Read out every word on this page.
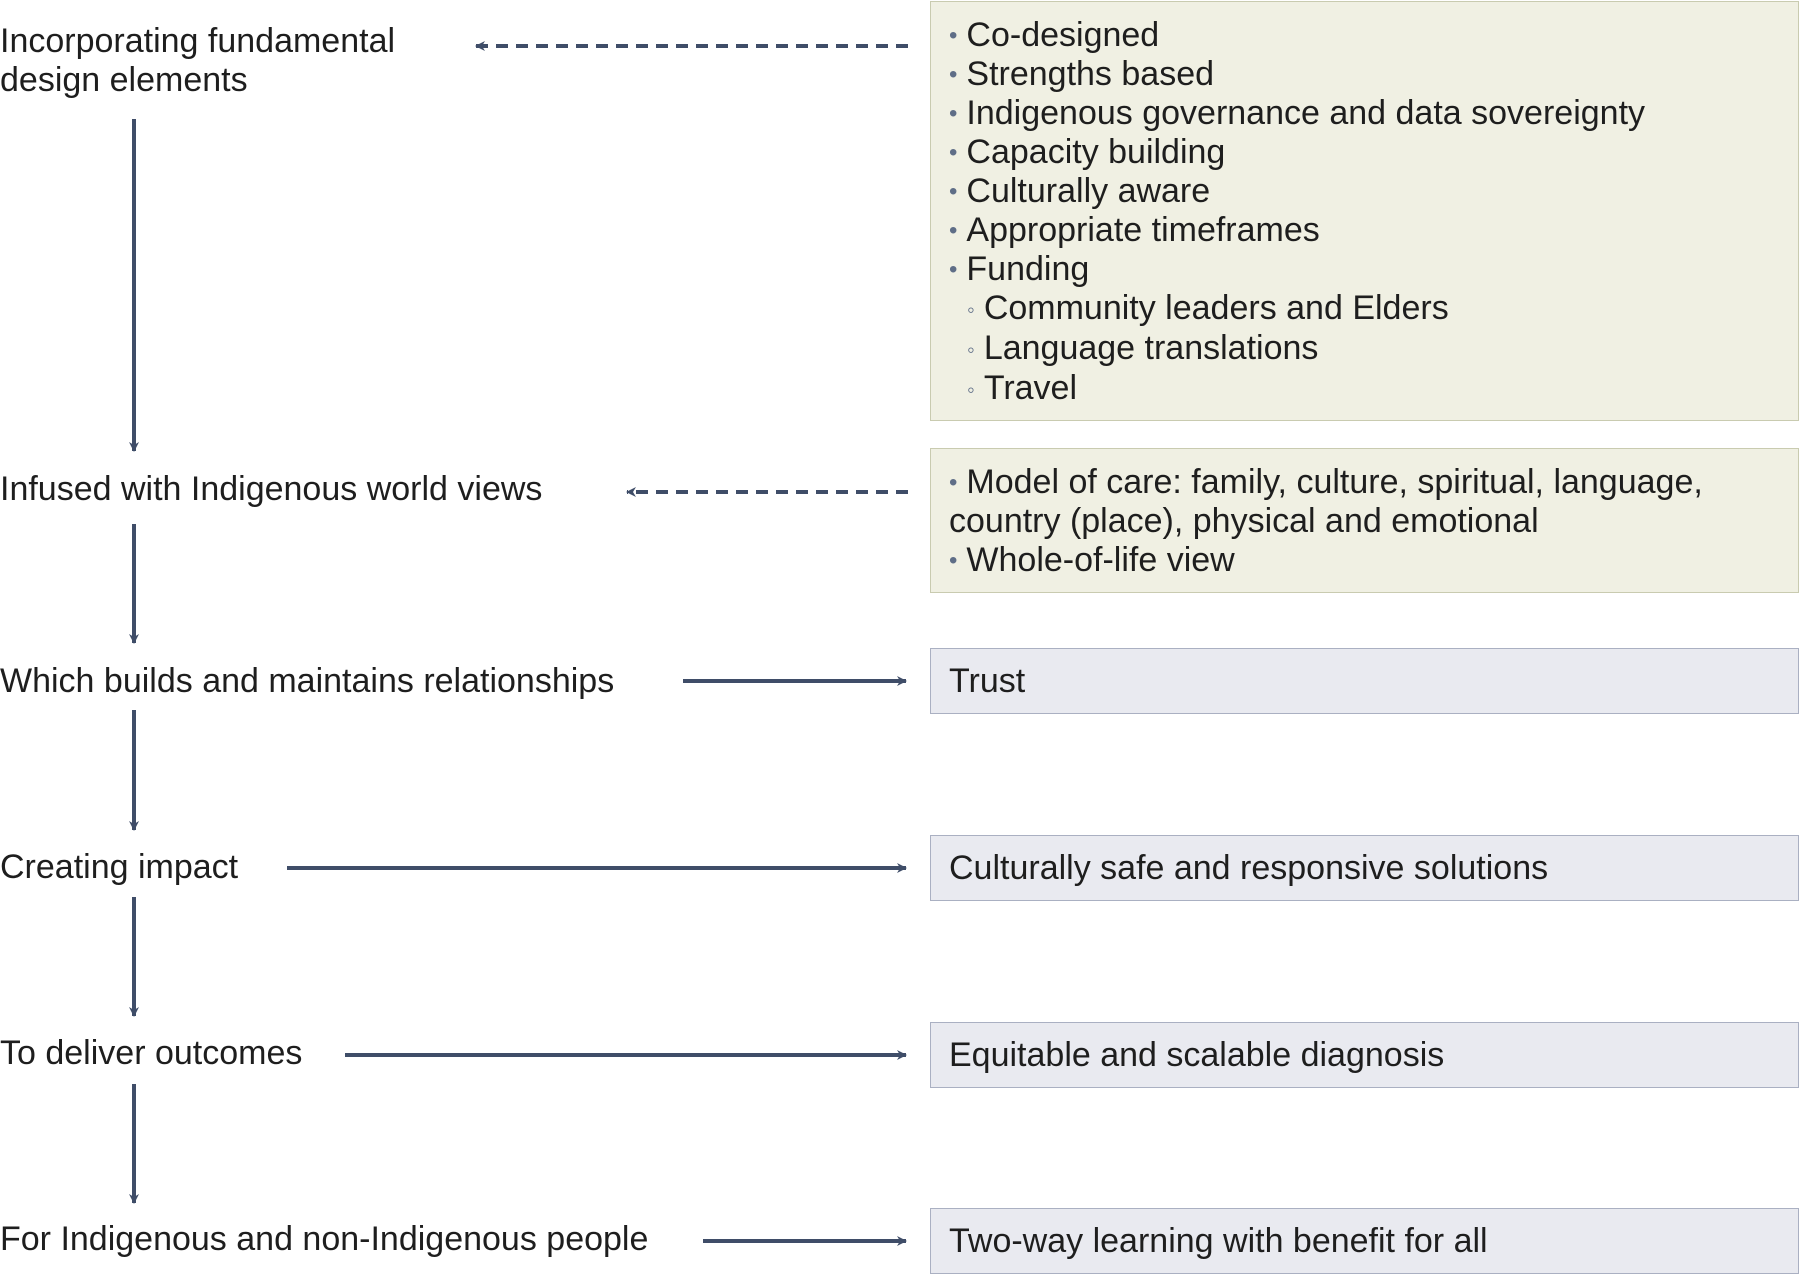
Incorporating fundamental
design elements
Infused with Indigenous world views
Which builds and maintains relationships
Creating impact
To deliver outcomes
For Indigenous and non-Indigenous people
• Co-designed
• Strengths based
• Indigenous governance and data sovereignty
• Capacity building
• Culturally aware
• Appropriate timeframes
• Funding
◦ Community leaders and Elders
◦ Language translations
◦ Travel
• Model of care: family, culture, spiritual, language, country (place), physical and emotional
• Whole-of-life view
Trust
Culturally safe and responsive solutions
Equitable and scalable diagnosis
Two-way learning with benefit for all
